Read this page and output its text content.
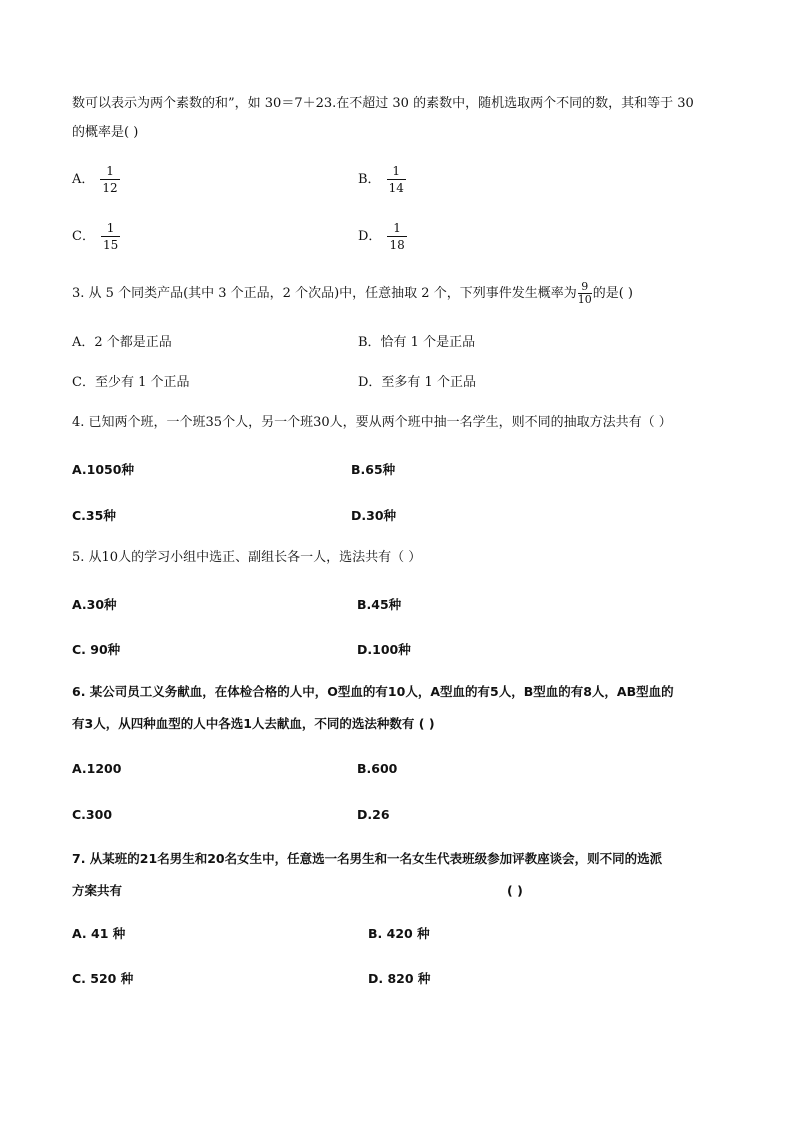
数可以表示为两个素数的和”，如 30＝7＋23.在不超过 30 的素数中，随机选取两个不同的数，其和等于 30
的概率是( )
A． $\frac{1}{12}$	B． $\frac{1}{14}$
C． $\frac{1}{15}$	D． $\frac{1}{18}$
3. 从 5 个同类产品(其中 3 个正品，2 个次品)中，任意抽取 2 个，下列事件发生概率为 $\frac{9}{10}$ 的是( )
A．2 个都是正品	B．恰有 1 个是正品
C．至少有 1 个正品	D．至多有 1 个正品
4. 已知两个班，一个班35个人，另一个班30人，要从两个班中抽一名学生，则不同的抽取方法共有（ ）
A.1050种	B.65种
C.35种	D.30种
5. 从10人的学习小组中选正、副组长各一人，选法共有（ ）
A.30种	B.45种
C. 90种	D.100种
6. 某公司员工义务献血，在体检合格的人中，O型血的有10人，A型血的有5人，B型血的有8人，AB型血的
有3人，从四种血型的人中各选1人去献血，不同的选法种数有 ( )
A.1200	B.600
C.300	D.26
7. 从某班的21名男生和20名女生中，任意选一名男生和一名女生代表班级参加评教座谈会，则不同的选派
方案共有	( )
A. 41 种	B. 420 种
C. 520 种	D. 820 种
